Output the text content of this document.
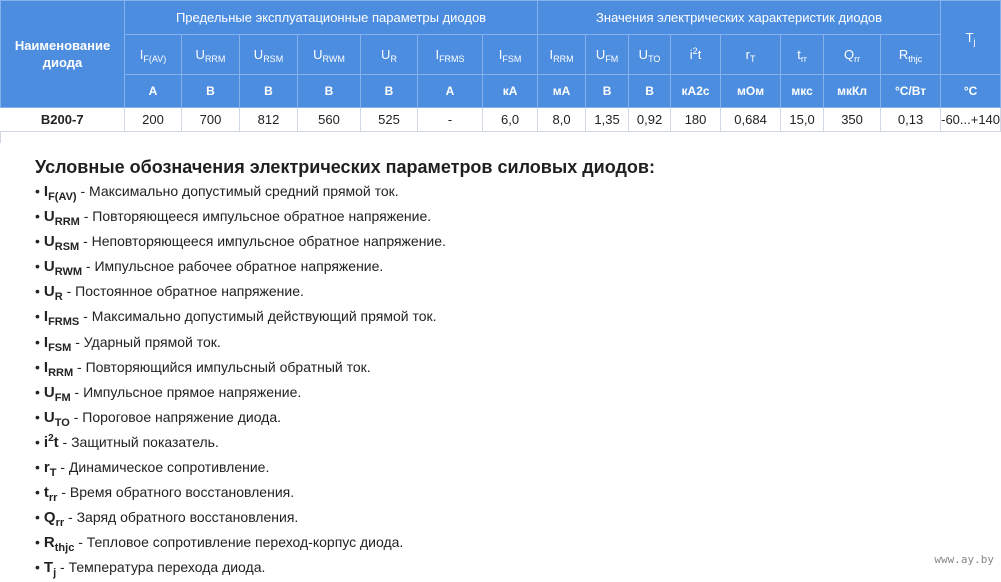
Наименование диода	Предельные эксплуатационные параметры диодов							Значения электрических характеристик диодов								$T_j$
	$I_{F(AV)}$	$U_{RRM}$	$U_{RSM}$	$U_{RWM}$	$U_R$	$I_{FRMS}$	$I_{FSM}$	$I_{RRM}$	$U_{FM}$	$U_{TO}$	$i^2t$	$r_T$	$t_{rr}$	$Q_{rr}$	$R_{thjc}$
	А	В	В	В	В	А	кА	мА	В	В	кА2с	мОм	мкс	мкКл	°С/Вт	°С
B200-7	200	700	812	560	525	-	6,0	8,0	1,35	0,92	180	0,684	15,0	350	0,13	-60...+140
Условные обозначения электрических параметров силовых диодов:
• $I_{F(AV)}$ - Максимально допустимый средний прямой ток.
• $U_{RRM}$ - Повторяющееся импульсное обратное напряжение.
• $U_{RSM}$ - Неповторяющееся импульсное обратное напряжение.
• $U_{RWM}$ - Импульсное рабочее обратное напряжение.
• $U_R$ - Постоянное обратное напряжение.
• $I_{FRMS}$ - Максимально допустимый действующий прямой ток.
• $I_{FSM}$ - Ударный прямой ток.
• $I_{RRM}$ - Повторяющийся импульсный обратный ток.
• $U_{FM}$ - Импульсное прямое напряжение.
• $U_{TO}$ - Пороговое напряжение диода.
• $i^2t$ - Защитный показатель.
• $r_T$ - Динамическое сопротивление.
• $t_{rr}$ - Время обратного восстановления.
• $Q_{rr}$ - Заряд обратного восстановления.
• $R_{thjc}$ - Тепловое сопротивление переход-корпус диода.
• $T_j$ - Температура перехода диода.	www.ay.by
